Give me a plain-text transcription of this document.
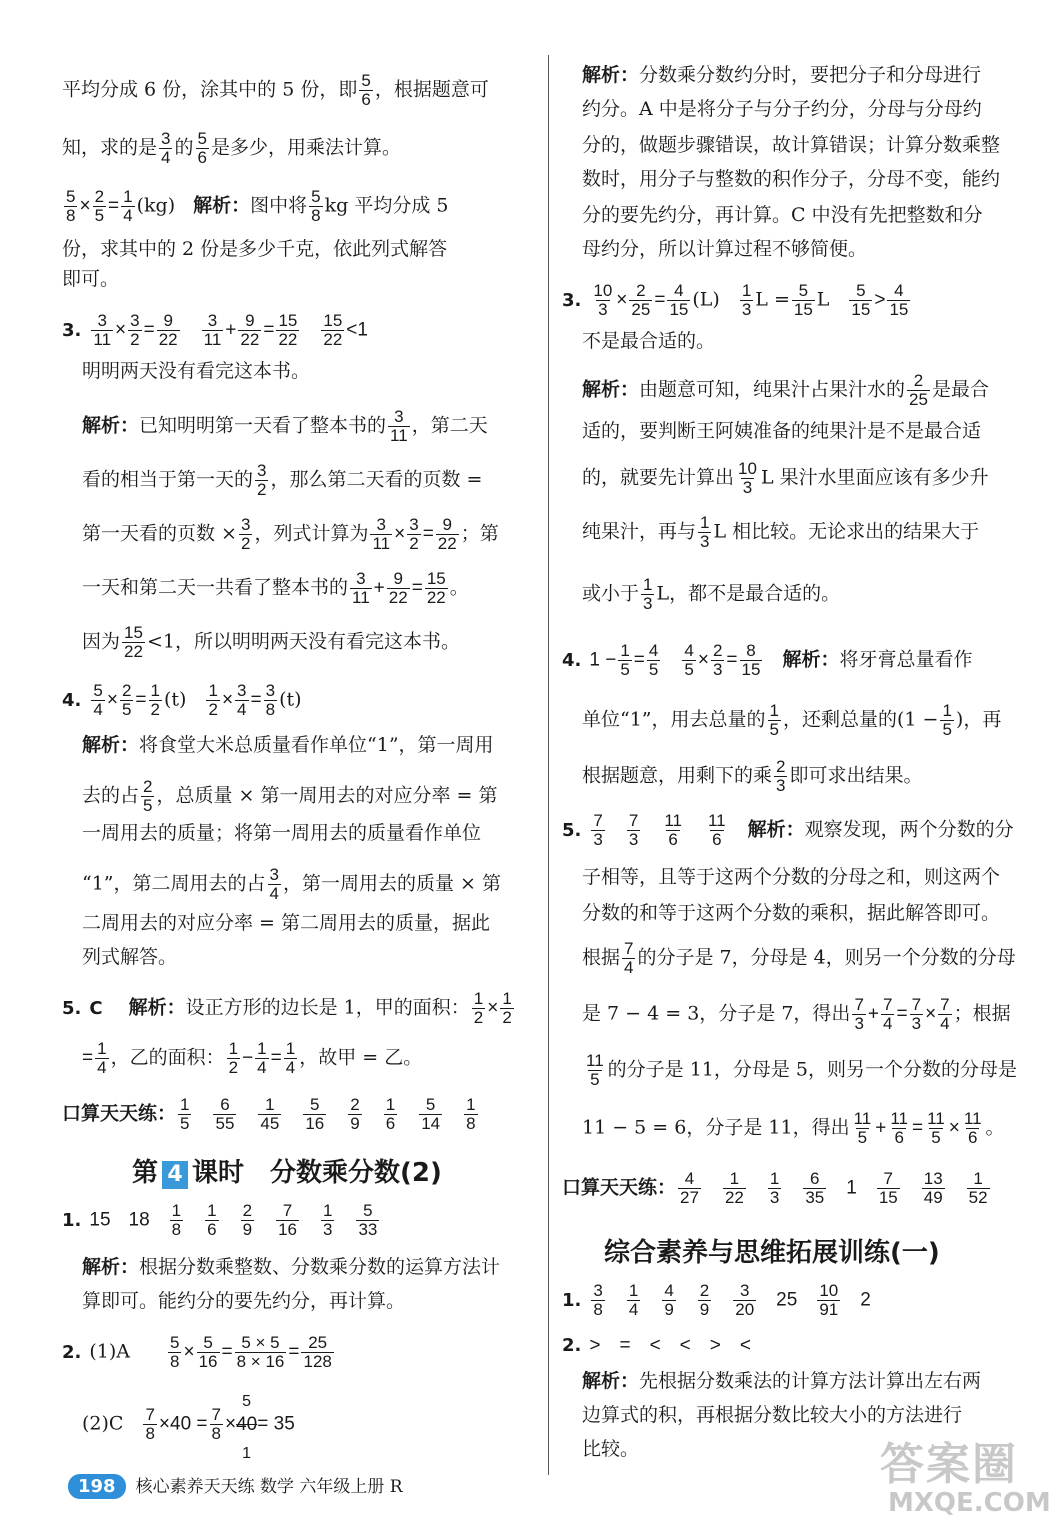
平均分成 6 份，涂其中的 5 份，即 $\frac{5}{6}$ ，根据题意可
知，求的是 $\frac{3}{4}$ 的 $\frac{5}{6}$ 是多少，用乘法计算。
$\frac{5}{8} \times \frac{2}{5} = \frac{1}{4} (kg)$ 解析：图中将 $\frac{5}{8}$ kg 平均分成 5
份，求其中的 2 份是多少千克，依此列式解答
即可。
3. $\frac{3}{11} \times \frac{3}{2} = \frac{9}{22} \frac{3}{11} + \frac{9}{22} = \frac{15}{22} \frac{15}{22} <1$
明明两天没有看完这本书。
解析：已知明明第一天看了整本书的 $\frac{3}{11}$ ，第二天
看的相当于第一天的 $\frac{3}{2}$ ，那么第二天看的页数 =
第一天看的页数 × $\frac{3}{2}$ ，列式计算为 $\frac{3}{11} \times \frac{3}{2} = \frac{9}{22}$ ；第
一天和第二天一共看了整本书的 $\frac{3}{11} + \frac{9}{22} = \frac{15}{22}$ 。
因为 $\frac{15}{22} <1$，所以明明两天没有看完这本书。
4. $\frac{5}{4} \times \frac{2}{5} = \frac{1}{2} (t) \frac{1}{2} \times \frac{3}{4} = \frac{3}{8} (t)$
解析：将食堂大米总质量看作单位“1”，第一周用
去的占 $\frac{2}{5}$ ，总质量 × 第一周用去的对应分率 = 第
一周用去的质量；将第一周用去的质量看作单位
“1”，第二周用去的占 $\frac{3}{4}$ ，第一周用去的质量 × 第
二周用去的对应分率 = 第二周用去的质量，据此
列式解答。
5. C 解析：设正方形的边长是 1，甲的面积： $\frac{1}{2} \times \frac{1}{2}$
= $\frac{1}{4}$ ，乙的面积： $\frac{1}{2} - \frac{1}{4} = \frac{1}{4}$ ，故甲 = 乙。
口算天天练： $\frac{1}{5} \frac{6}{55} \frac{1}{45} \frac{5}{16} \frac{2}{9} \frac{1}{6} \frac{5}{14} \frac{1}{8}$
第 4 课时　分数乘分数(2)
1. 15 $18 \frac{1}{8} \frac{1}{6} \frac{2}{9} \frac{7}{16} \frac{1}{3} \frac{5}{33}$
解析：根据分数乘整数、分数乘分数的运算方法计
算即可。能约分的要先约分，再计算。
2. $(1)A \frac{5}{8} \times \frac{5}{16} = \frac{5 \times 5}{8 \times 16} = \frac{25}{128}$
$(2)C \frac{7}{8} \times 40 = \frac{7}{8}$ ×
5
40
1
= 35
解析：分数乘分数约分时，要把分子和分母进行
约分。A 中是将分子与分子约分，分母与分母约
分的，做题步骤错误，故计算错误；计算分数乘整
数时，用分子与整数的积作分子，分母不变，能约
分的要先约分，再计算。C 中没有先把整数和分
母约分，所以计算过程不够简便。
3. $\frac{10}{3} \times \frac{2}{25} = \frac{4}{15} (L) \frac{1}{3}$ $L = \frac{5}{15}$ L $\frac{5}{15} > \frac{4}{15}$
不是最合适的。
解析：由题意可知，纯果汁占果汁水的 $\frac{2}{25}$ 是最合
适的，要判断王阿姨准备的纯果汁是不是最合适
的，就要先计算出 $\frac{10}{3}$ L 果汁水里面应该有多少升
纯果汁，再与 $\frac{1}{3}$ L 相比较。无论求出的结果大于
或小于 $\frac{1}{3}$ L，都不是最合适的。
4. $1 - \frac{1}{5} = \frac{4}{5} \frac{4}{5} \times \frac{2}{3} = \frac{8}{15}$ 解析：将牙膏总量看作
单位“1”，用去总量的 $\frac{1}{5}$ ，还剩总量的($1 - \frac{1}{5}$ )，再
根据题意，用剩下的乘 $\frac{2}{3}$ 即可求出结果。
5. $\frac{7}{3} \frac{7}{3} \frac{11}{6} \frac{11}{6}$ 解析：观察发现，两个分数的分
子相等，且等于这两个分数的分母之和，则这两个
分数的和等于这两个分数的乘积，据此解答即可。
根据 $\frac{7}{4}$ 的分子是 7，分母是 4，则另一个分数的分母
是 7 − 4 = 3，分子是 7，得出 $\frac{7}{3} + \frac{7}{4} = \frac{7}{3} \times \frac{7}{4}$ ；根据
$\frac{11}{5}$ 的分子是 11，分母是 5，则另一个分数的分母是
11 − 5 = 6，分子是 11，得出 $\frac{11}{5} + \frac{11}{6} = \frac{11}{5} \times \frac{11}{6}$ 。
口算天天练： $\frac{4}{27} \frac{1}{22} \frac{1}{3} \frac{6}{35} 1 \frac{7}{15} \frac{13}{49} \frac{1}{52}$
综合素养与思维拓展训练(一)
1. $\frac{3}{8} \frac{1}{4} \frac{4}{9} \frac{2}{9} \frac{3}{20} 25 \frac{10}{91} 2$
2. >　=　<　<　>　<
解析：先根据分数乘法的计算方法计算出左右两
边算式的积，再根据分数比较大小的方法进行
比较。
198 核心素养天天练 数学 六年级上册 R	答案圈
MXQE.COM
